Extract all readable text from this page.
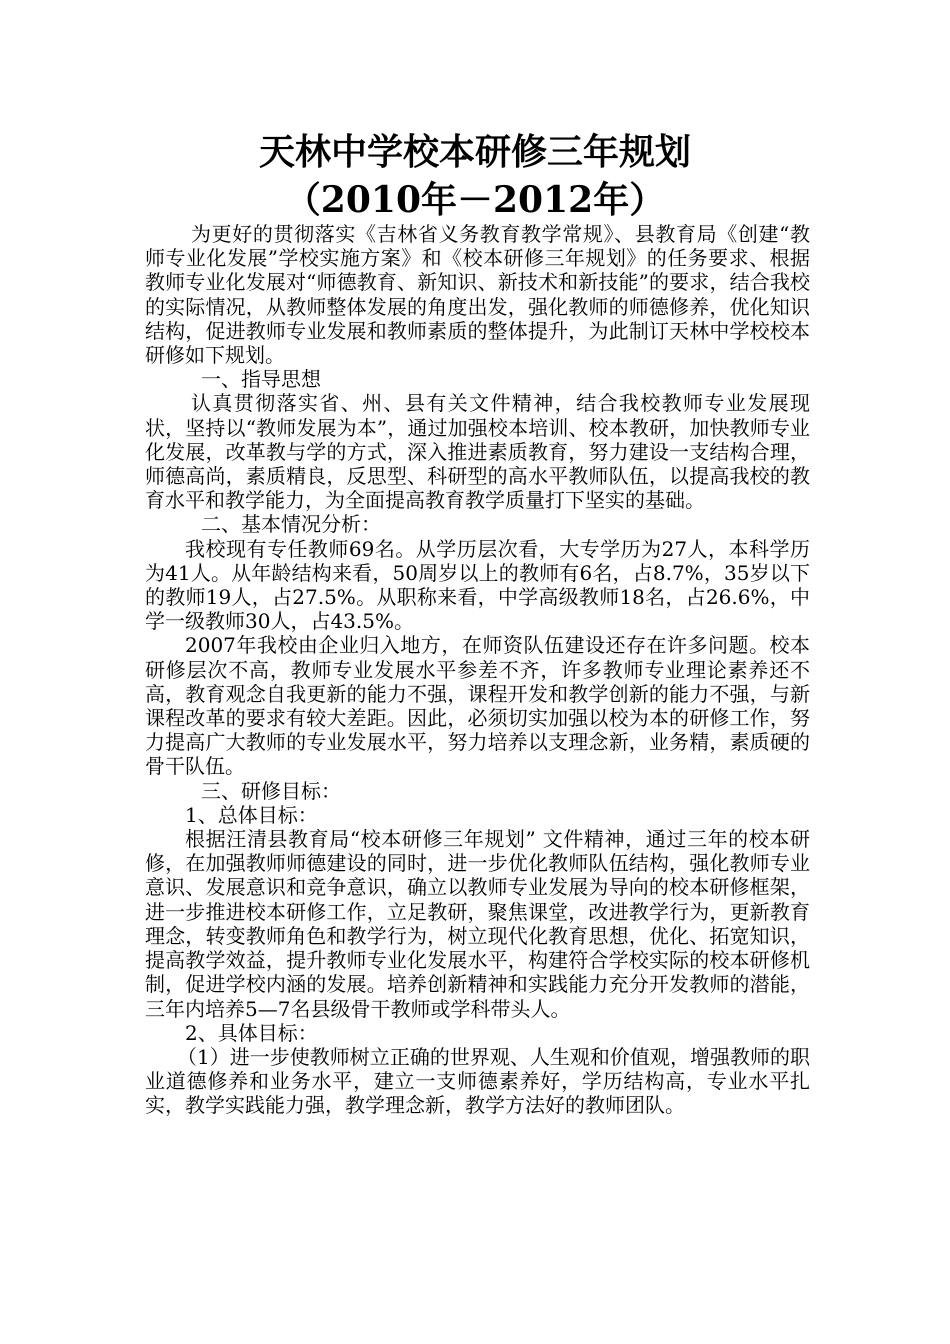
天林中学校本研修三年规划
（2010年－2012年）

为更好的贯彻落实《吉林省义务教育教学常规》、县教育局《创建“教师专业化发展”学校实施方案》和《校本研修三年规划》的任务要求、根据教师专业化发展对“师德教育、新知识、新技术和新技能”的要求，结合我校的实际情况，从教师整体发展的角度出发，强化教师的师德修养，优化知识结构，促进教师专业发展和教师素质的整体提升，为此制订天林中学校校本研修如下规划。

一、指导思想

认真贯彻落实省、州、县有关文件精神，结合我校教师专业发展现状，坚持以“教师发展为本”，通过加强校本培训、校本教研，加快教师专业化发展，改革教与学的方式，深入推进素质教育，努力建设一支结构合理，师德高尚，素质精良，反思型、科研型的高水平教师队伍，以提高我校的教育水平和教学能力，为全面提高教育教学质量打下坚实的基础。

二、基本情况分析：

我校现有专任教师69名。从学历层次看，大专学历为27人，本科学历为41人。从年龄结构来看，50周岁以上的教师有6名，占8.7%，35岁以下的教师19人，占27.5%。从职称来看，中学高级教师18名，占26.6%，中学一级教师30人，占43.5%。

2007年我校由企业归入地方，在师资队伍建设还存在许多问题。校本研修层次不高，教师专业发展水平参差不齐，许多教师专业理论素养还不高，教育观念自我更新的能力不强，课程开发和教学创新的能力不强，与新课程改革的要求有较大差距。因此，必须切实加强以校为本的研修工作，努力提高广大教师的专业发展水平，努力培养以支理念新，业务精，素质硬的骨干队伍。

三、研修目标：

1、总体目标：

根据汪清县教育局“校本研修三年规划” 文件精神，通过三年的校本研修，在加强教师师德建设的同时，进一步优化教师队伍结构，强化教师专业意识、发展意识和竞争意识，确立以教师专业发展为导向的校本研修框架，进一步推进校本研修工作，立足教研，聚焦课堂，改进教学行为，更新教育理念，转变教师角色和教学行为，树立现代化教育思想，优化、拓宽知识，提高教学效益，提升教师专业化发展水平，构建符合学校实际的校本研修机制，促进学校内涵的发展。培养创新精神和实践能力充分开发教师的潜能，三年内培养5—7名县级骨干教师或学科带头人。

2、具体目标：

（1）进一步使教师树立正确的世界观、人生观和价值观，增强教师的职业道德修养和业务水平，建立一支师德素养好，学历结构高，专业水平扎实，教学实践能力强，教学理念新，教学方法好的教师团队。
